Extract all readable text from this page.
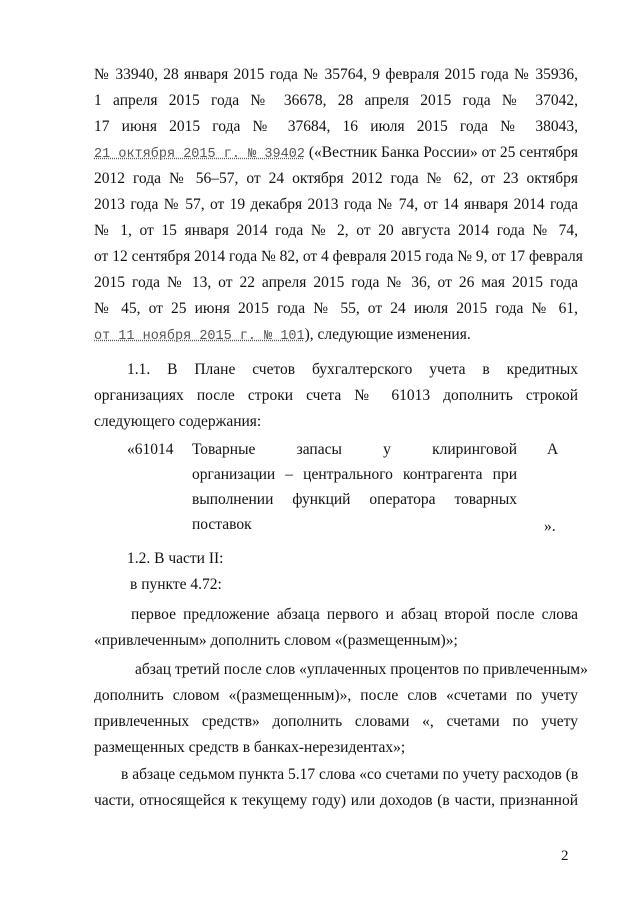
№ 33940, 28 января 2015 года № 35764, 9 февраля 2015 года № 35936,
1 апреля 2015 года № 36678, 28 апреля 2015 года № 37042,
17 июня 2015 года № 37684, 16 июля 2015 года № 38043,
21 октября 2015 г. № 39402 («Вестник Банка России» от 25 сентября
2012 года № 56–57, от 24 октября 2012 года № 62, от 23 октября
2013 года № 57, от 19 декабря 2013 года № 74, от 14 января 2014 года
№ 1, от 15 января 2014 года № 2, от 20 августа 2014 года № 74,
от 12 сентября 2014 года № 82, от 4 февраля 2015 года № 9, от 17 февраля
2015 года № 13, от 22 апреля 2015 года № 36, от 26 мая 2015 года
№ 45, от 25 июня 2015 года № 55, от 24 июля 2015 года № 61,
от 11 ноября 2015 г. № 101), следующие изменения.
1.1. В Плане счетов бухгалтерского учета в кредитных
организациях после строки счета № 61013 дополнить строкой
следующего содержания:
«61014 Товарные запасы у клиринговой
организации – центрального контрагента при
выполнении функций оператора товарных
поставок
А
».
1.2. В части II:
в пункте 4.72:
первое предложение абзаца первого и абзац второй после слова
«привлеченным» дополнить словом «(размещенным)»;
абзац третий после слов «уплаченных процентов по привлеченным»
дополнить словом «(размещенным)», после слов «счетами по учету
привлеченных средств» дополнить словами «, счетами по учету
размещенных средств в банках-нерезидентах»;
в абзаце седьмом пункта 5.17 слова «со счетами по учету расходов (в
части, относящейся к текущему году) или доходов (в части, признанной
2
